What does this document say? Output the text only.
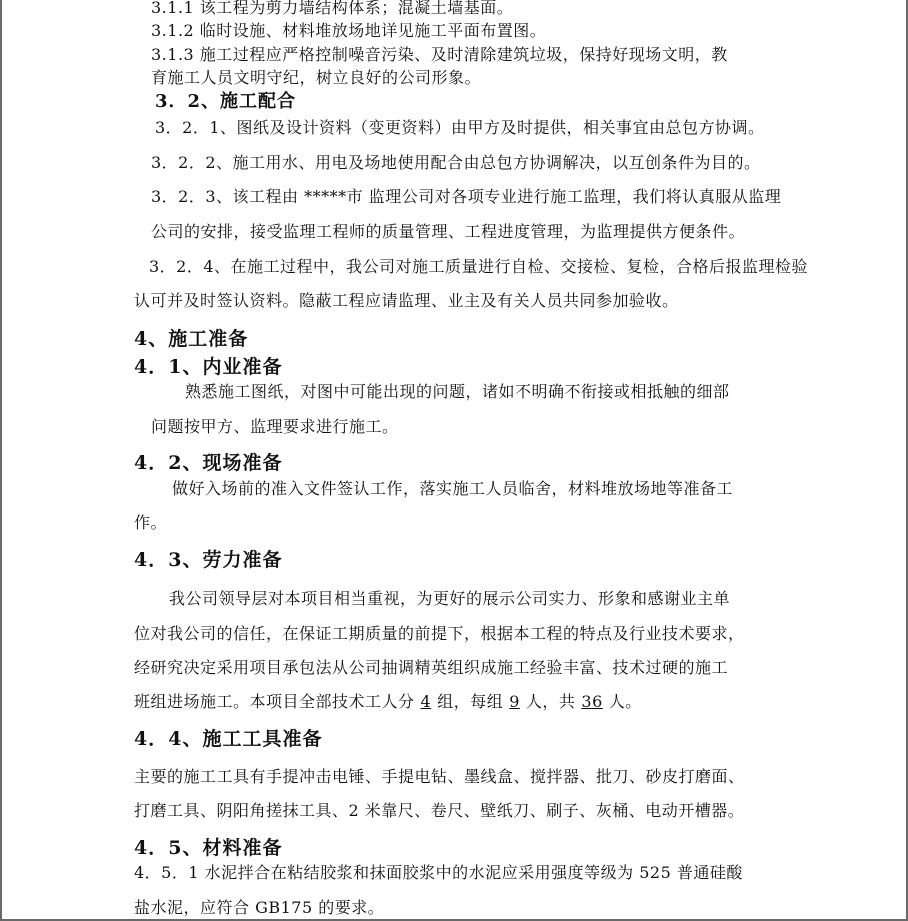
3.1.1 该工程为剪力墙结构体系；混凝土墙基面。
3.1.2 临时设施、材料堆放场地详见施工平面布置图。
3.1.3 施工过程应严格控制噪音污染、及时清除建筑垃圾，保持好现场文明，教
育施工人员文明守纪，树立良好的公司形象。
3．2、施工配合
3．2．1、图纸及设计资料（变更资料）由甲方及时提供，相关事宜由总包方协调。
3．2．2、施工用水、用电及场地使用配合由总包方协调解决，以互创条件为目的。
3．2．3、该工程由 *****市 监理公司对各项专业进行施工监理，我们将认真服从监理
公司的安排，接受监理工程师的质量管理、工程进度管理，为监理提供方便条件。
3．2．4、在施工过程中，我公司对施工质量进行自检、交接检、复检，合格后报监理检验
认可并及时签认资料。隐蔽工程应请监理、业主及有关人员共同参加验收。
4、施工准备
4．1、内业准备
熟悉施工图纸，对图中可能出现的问题，诸如不明确不衔接或相抵触的细部
问题按甲方、监理要求进行施工。
4．2、现场准备
做好入场前的准入文件签认工作，落实施工人员临舍，材料堆放场地等准备工
作。
4．3、劳力准备
我公司领导层对本项目相当重视，为更好的展示公司实力、形象和感谢业主单
位对我公司的信任，在保证工期质量的前提下，根据本工程的特点及行业技术要求，
经研究决定采用项目承包法从公司抽调精英组织成施工经验丰富、技术过硬的施工
班组进场施工。本项目全部技术工人分 4 组，每组 9 人，共 36 人。
4．4、施工工具准备
主要的施工工具有手提冲击电锤、手提电钻、墨线盒、搅拌器、批刀、砂皮打磨面、
打磨工具、阴阳角搓抹工具、2 米靠尺、卷尺、壁纸刀、刷子、灰桶、电动开槽器。
4．5、材料准备
4．5．1 水泥拌合在粘结胶浆和抹面胶浆中的水泥应采用强度等级为 525 普通硅酸
盐水泥，应符合 GB175 的要求。
